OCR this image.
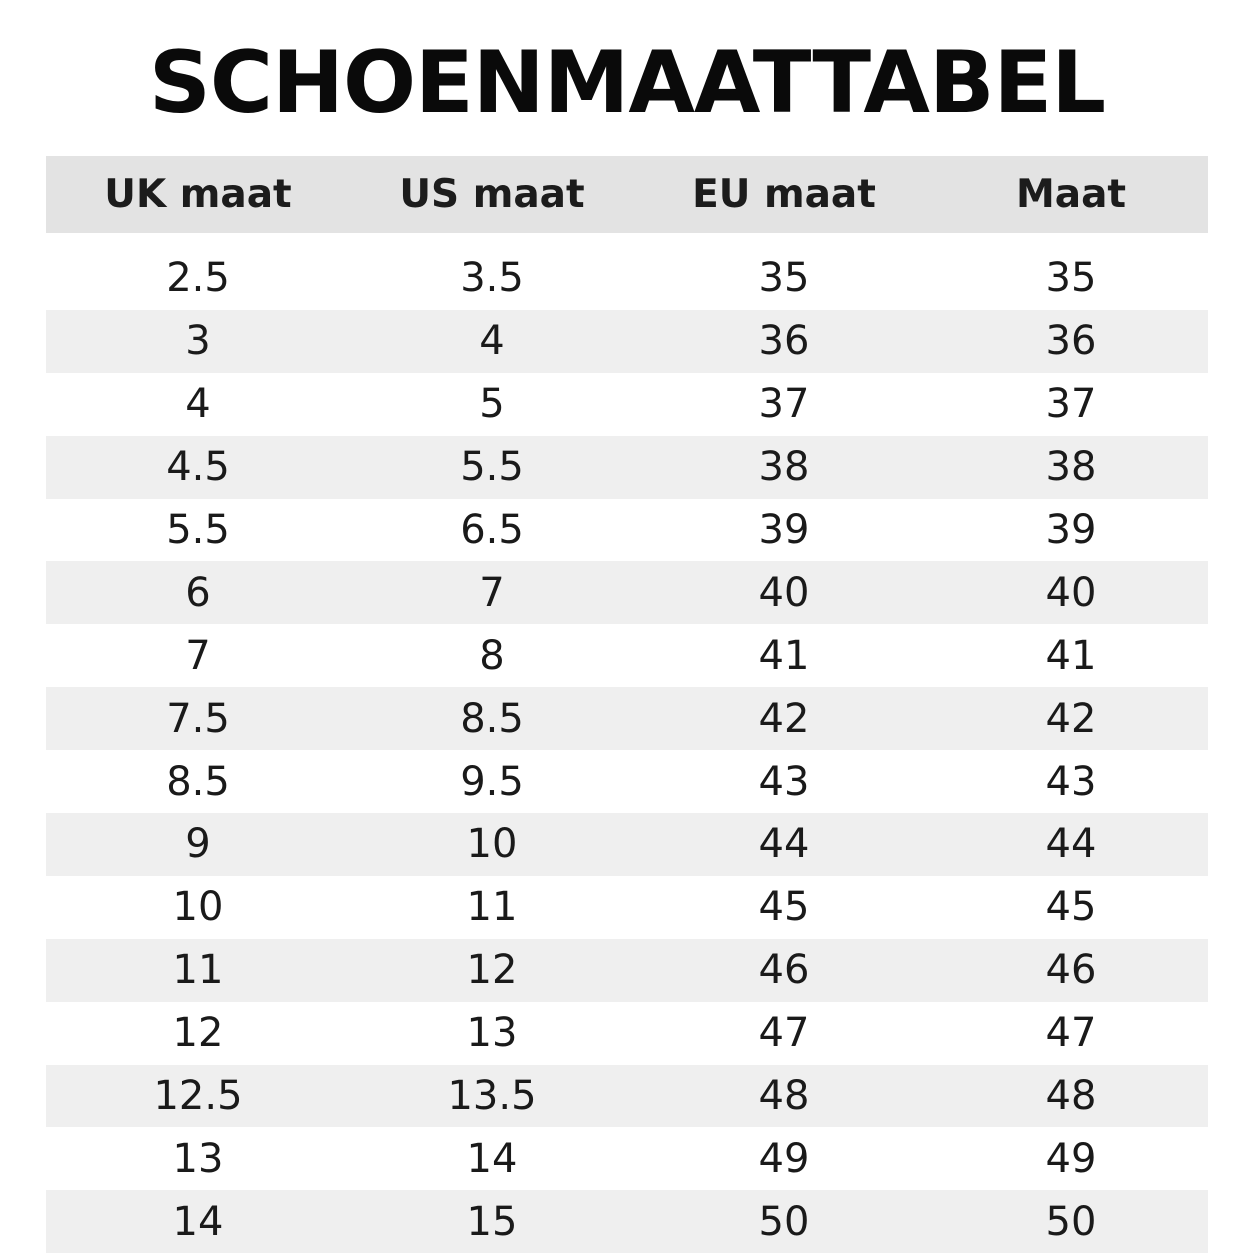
SCHOENMAATTABEL
UK maat	US maat	EU maat	Maat
2.5	3.5	35	35
3	4	36	36
4	5	37	37
4.5	5.5	38	38
5.5	6.5	39	39
6	7	40	40
7	8	41	41
7.5	8.5	42	42
8.5	9.5	43	43
9	10	44	44
10	11	45	45
11	12	46	46
12	13	47	47
12.5	13.5	48	48
13	14	49	49
14	15	50	50
